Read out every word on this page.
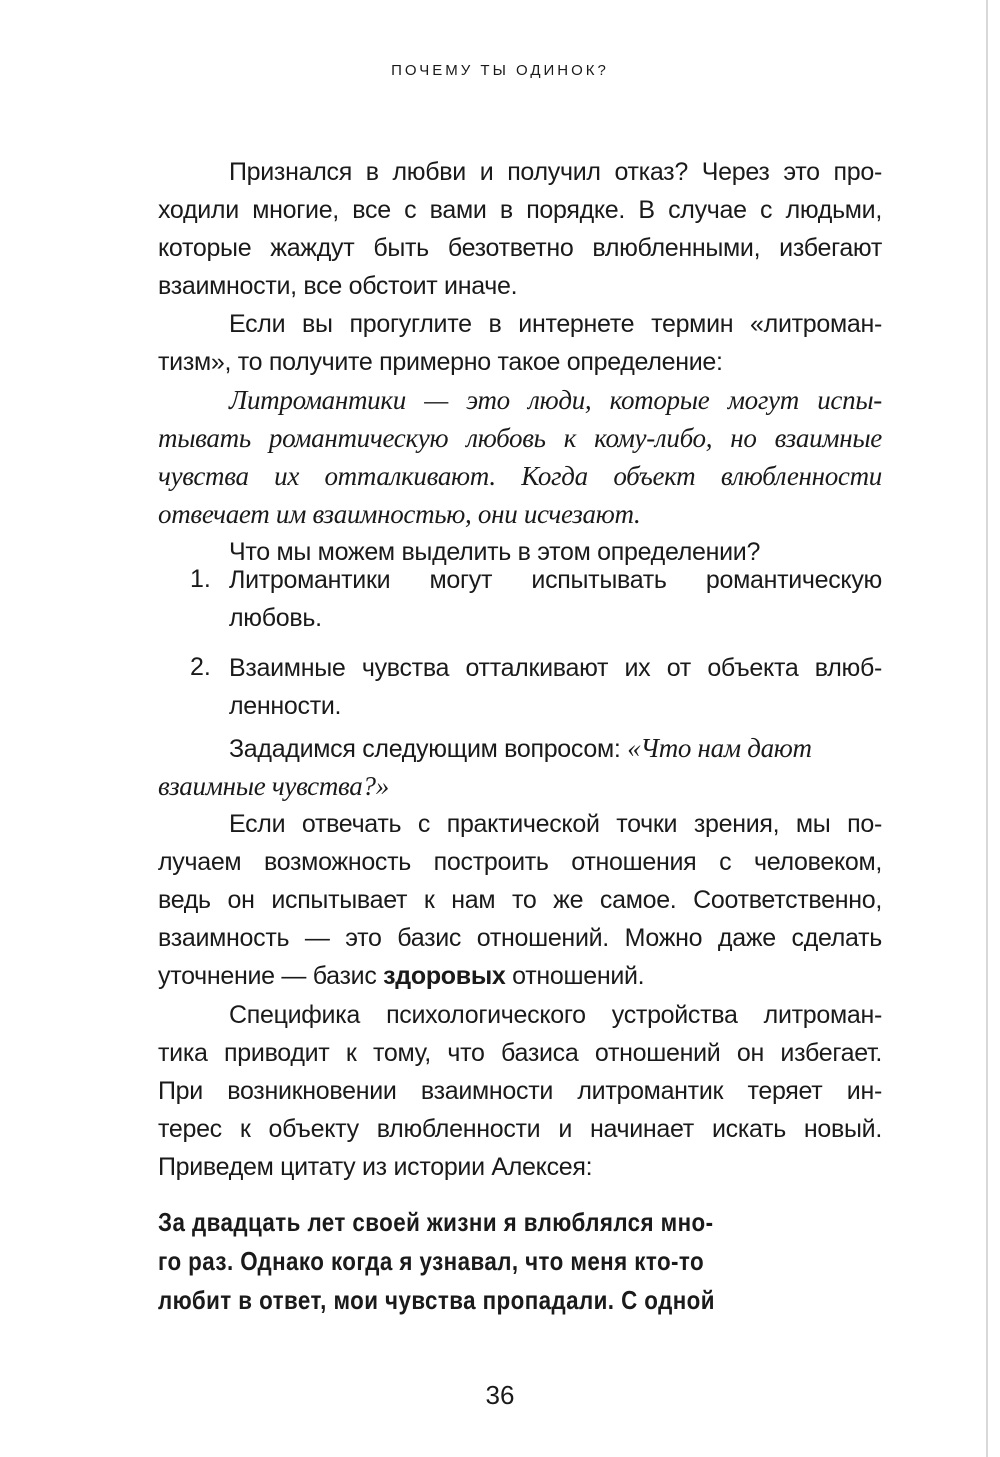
ПОЧЕМУ ТЫ ОДИНОК?
Признался в любви и получил отказ? Через это про-
ходили многие, все с вами в порядке. В случае с людьми,
которые жаждут быть безответно влюбленными, избегают
взаимности, все обстоит иначе.
Если вы прогуглите в интернете термин «литроман-
тизм», то получите примерно такое определение:
Литромантики — это люди, которые могут испы-
тывать романтическую любовь к кому-либо, но взаимные
чувства их отталкивают. Когда объект влюбленности
отвечает им взаимностью, они исчезают.
Что мы можем выделить в этом определении?
1. Литромантики могут испытывать романтическую
любовь.
2. Взаимные чувства отталкивают их от объекта влюб-
ленности.
Зададимся следующим вопросом: «Что нам дают
взаимные чувства?»
Если отвечать с практической точки зрения, мы по-
лучаем возможность построить отношения с человеком,
ведь он испытывает к нам то же самое. Соответственно,
взаимность — это базис отношений. Можно даже сделать
уточнение — базис здоровых отношений.
Специфика психологического устройства литроман-
тика приводит к тому, что базиса отношений он избегает.
При возникновении взаимности литромантик теряет ин-
терес к объекту влюбленности и начинает искать новый.
Приведем цитату из истории Алексея:
За двадцать лет своей жизни я влюблялся мно-
го раз. Однако когда я узнавал, что меня кто-то
любит в ответ, мои чувства пропадали. С одной
36
